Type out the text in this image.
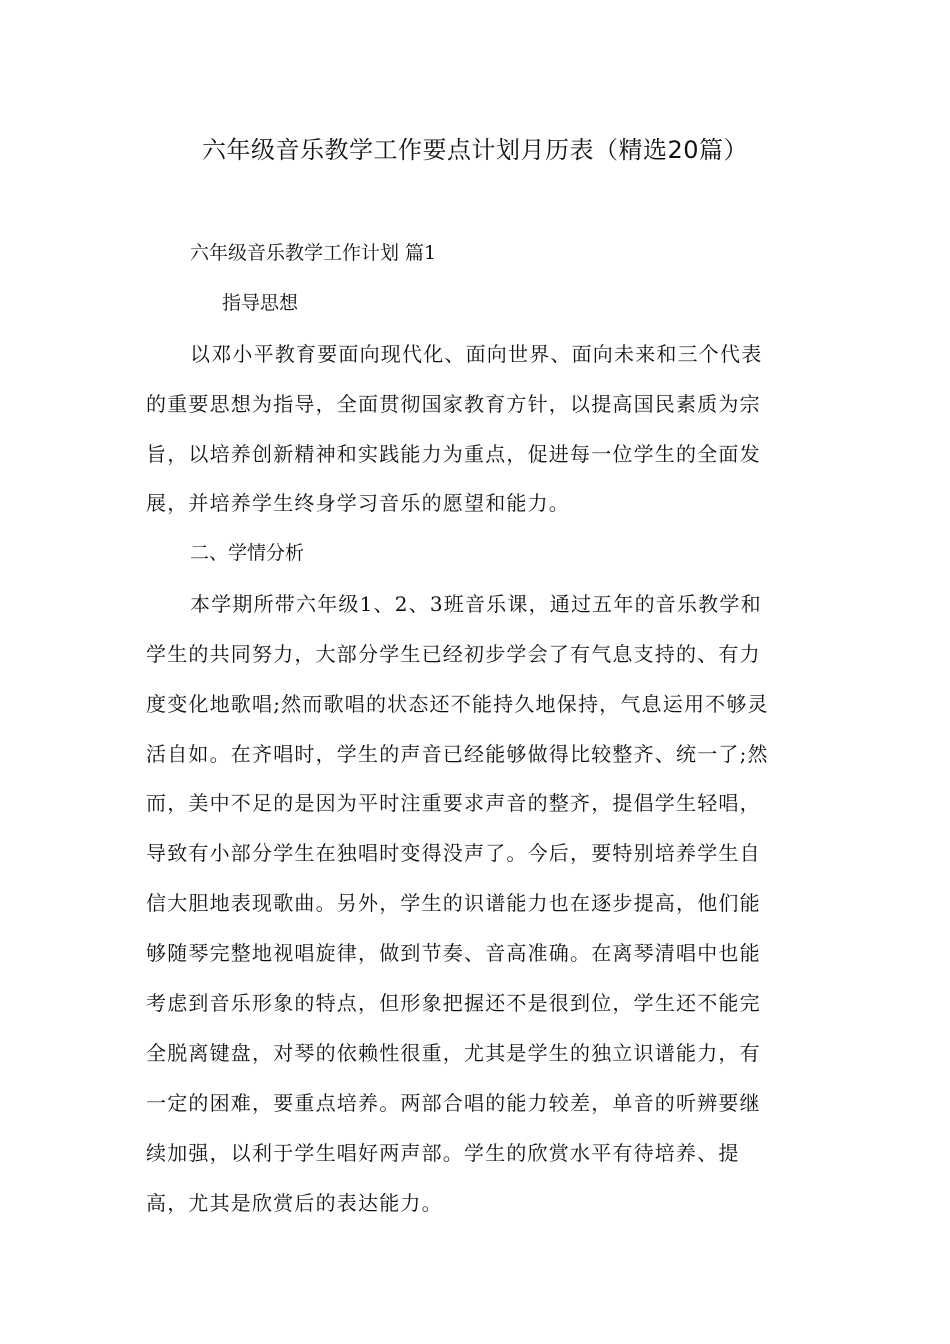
六年级音乐教学工作要点计划月历表（精选20篇）
六年级音乐教学工作计划 篇1
指导思想

以邓小平教育要面向现代化、面向世界、面向未来和三个代表

的重要思想为指导，全面贯彻国家教育方针，以提高国民素质为宗

旨，以培养创新精神和实践能力为重点，促进每一位学生的全面发

展，并培养学生终身学习音乐的愿望和能力。

二、学情分析

本学期所带六年级1、2、3班音乐课，通过五年的音乐教学和

学生的共同努力，大部分学生已经初步学会了有气息支持的、有力

度变化地歌唱;然而歌唱的状态还不能持久地保持，气息运用不够灵

活自如。在齐唱时，学生的声音已经能够做得比较整齐、统一了;然

而，美中不足的是因为平时注重要求声音的整齐，提倡学生轻唱，

导致有小部分学生在独唱时变得没声了。今后，要特别培养学生自

信大胆地表现歌曲。另外，学生的识谱能力也在逐步提高，他们能

够随琴完整地视唱旋律，做到节奏、音高准确。在离琴清唱中也能

考虑到音乐形象的特点，但形象把握还不是很到位，学生还不能完

全脱离键盘，对琴的依赖性很重，尤其是学生的独立识谱能力，有

一定的困难，要重点培养。两部合唱的能力较差，单音的听辨要继

续加强，以利于学生唱好两声部。学生的欣赏水平有待培养、提

高，尤其是欣赏后的表达能力。
